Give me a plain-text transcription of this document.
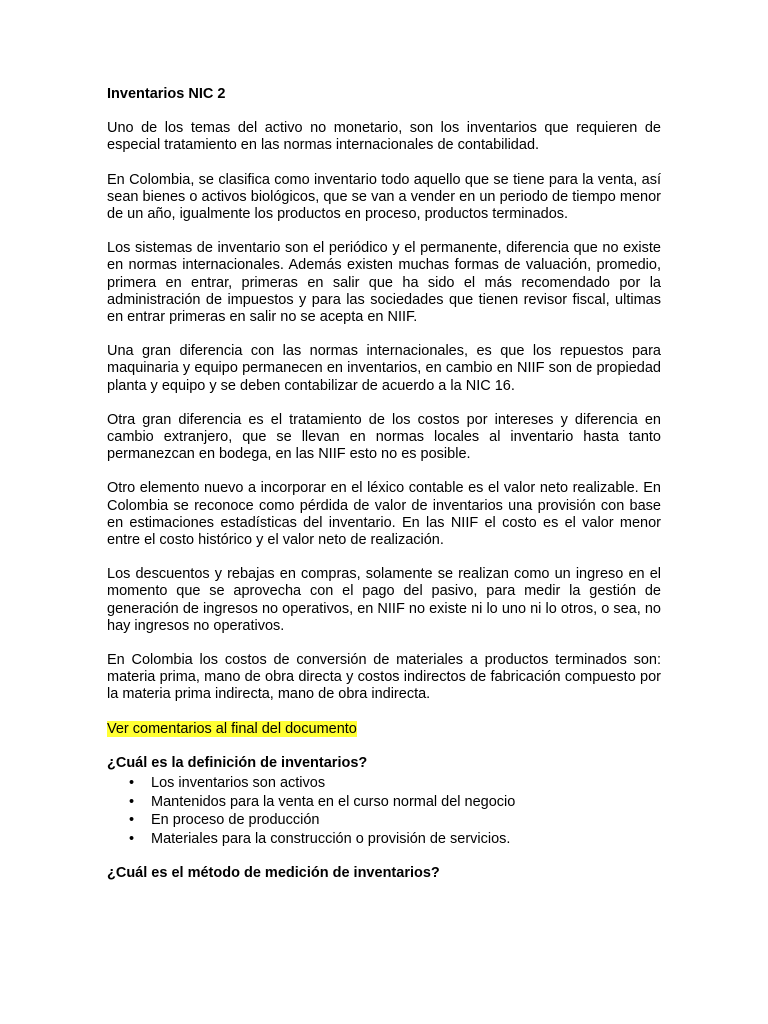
Inventarios NIC 2

Uno de los temas del activo no monetario, son los inventarios que requieren de especial tratamiento en las normas internacionales de contabilidad.

En Colombia, se clasifica como inventario todo aquello que se tiene para la venta, así sean bienes o activos biológicos, que se van a vender en un periodo de tiempo menor de un año, igualmente los productos en proceso, productos terminados.

Los sistemas de inventario son el periódico y el permanente, diferencia que no existe en normas internacionales. Además existen muchas formas de valuación, promedio, primera en entrar, primeras en salir que ha sido el más recomendado por la administración de impuestos y para las sociedades que tienen revisor fiscal, ultimas en entrar primeras en salir no se acepta en NIIF.

Una gran diferencia con las normas internacionales, es que los repuestos para maquinaria y equipo permanecen en inventarios, en cambio en NIIF son de propiedad planta y equipo y se deben contabilizar de acuerdo a la NIC 16.

Otra gran diferencia es el tratamiento de los costos por intereses y diferencia en cambio extranjero, que se llevan en normas locales al inventario hasta tanto permanezcan en bodega, en las NIIF esto no es posible.

Otro elemento nuevo a incorporar en el léxico contable es el valor neto realizable. En Colombia se reconoce como pérdida de valor de inventarios una provisión con base en estimaciones estadísticas del inventario. En las NIIF el costo es el valor menor entre el costo histórico y el valor neto de realización.

Los descuentos y rebajas en compras, solamente se realizan como un ingreso en el momento que se aprovecha con el pago del pasivo, para medir la gestión de generación de ingresos no operativos, en NIIF no existe ni lo uno ni lo otros, o sea, no hay ingresos no operativos.

En Colombia los costos de conversión de materiales a productos terminados son: materia prima, mano de obra directa y costos indirectos de fabricación compuesto por la materia prima indirecta, mano de obra indirecta.

Ver comentarios al final del documento

¿Cuál es la definición de inventarios?

• Los inventarios son activos
• Mantenidos para la venta en el curso normal del negocio
• En proceso de producción
• Materiales para la construcción o provisión de servicios.

¿Cuál es el método de medición de inventarios?
